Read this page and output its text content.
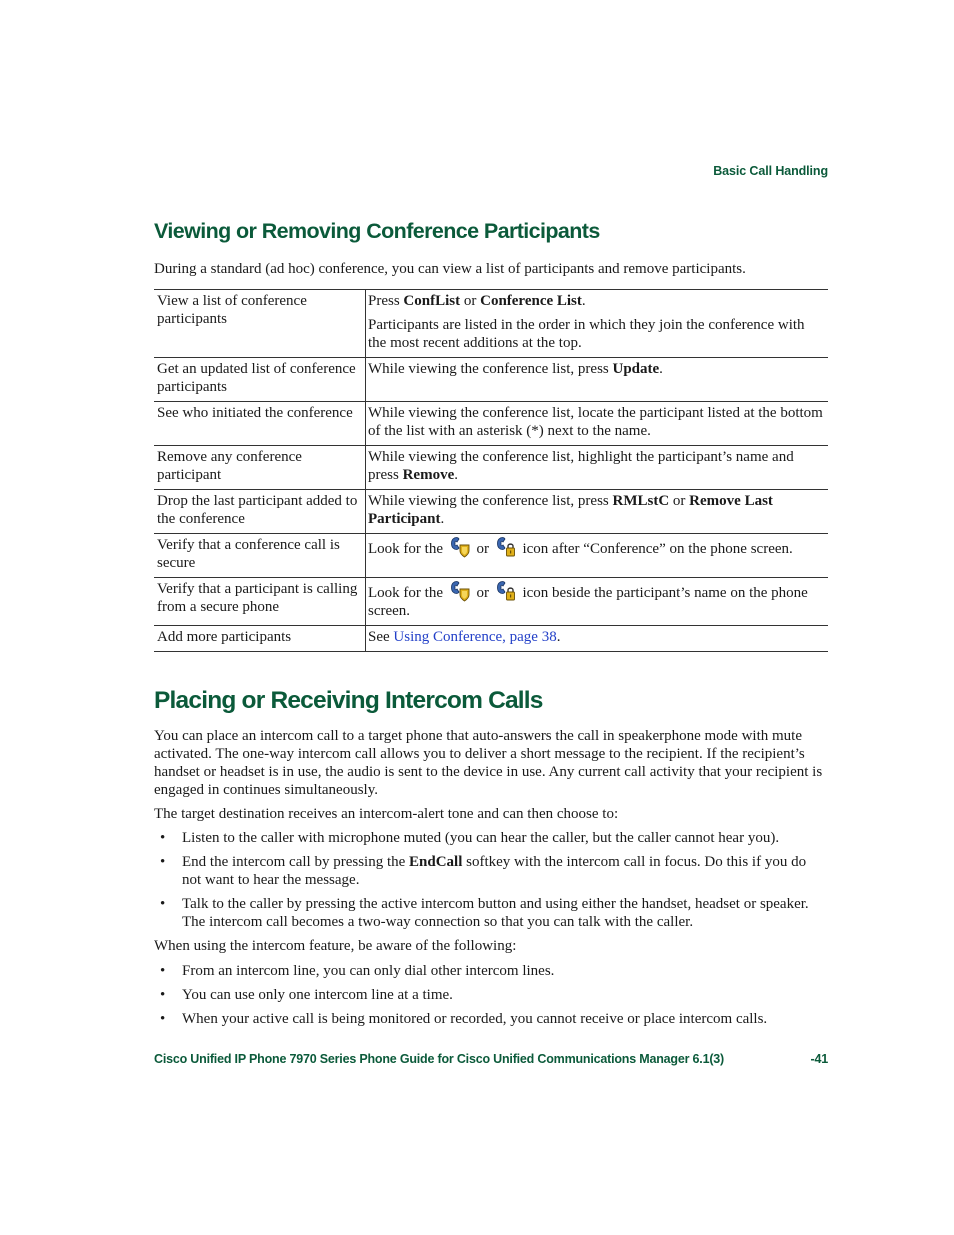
Basic Call Handling
Viewing or Removing Conference Participants

During a standard (ad hoc) conference, you can view a list of participants and remove participants.

View a list of conference participants	Press ConfList or Conference List.

Participants are listed in the order in which they join the conference with the most recent additions at the top.

Get an updated list of conference participants	While viewing the conference list, press Update.
See who initiated the conference	While viewing the conference list, locate the participant listed at the bottom of the list with an asterisk (*) next to the name.
Remove any conference participant	While viewing the conference list, highlight the participant’s name and press Remove.
Drop the last participant added to the conference	While viewing the conference list, press RMLstC or Remove Last Participant.
Verify that a conference call is secure	Look for the  or  icon after “Conference” on the phone screen.
Verify that a participant is calling from a secure phone	Look for the  or  icon beside the participant’s name on the phone screen.
Add more participants	See Using Conference, page 38.
Placing or Receiving Intercom Calls

You can place an intercom call to a target phone that auto-answers the call in speakerphone mode with mute activated. The one-way intercom call allows you to deliver a short message to the recipient. If the recipient’s handset or headset is in use, the audio is sent to the device in use. Any current call activity that your recipient is engaged in continues simultaneously.

The target destination receives an intercom-alert tone and can then choose to:

• Listen to the caller with microphone muted (you can hear the caller, but the caller cannot hear you).
• End the intercom call by pressing the EndCall softkey with the intercom call in focus. Do this if you do not want to hear the message.
• Talk to the caller by pressing the active intercom button and using either the handset, headset or speaker. The intercom call becomes a two-way connection so that you can talk with the caller.

When using the intercom feature, be aware of the following:

• From an intercom line, you can only dial other intercom lines.
• You can use only one intercom line at a time.
• When your active call is being monitored or recorded, you cannot receive or place intercom calls.
Cisco Unified IP Phone 7970 Series Phone Guide for Cisco Unified Communications Manager 6.1(3)	-41
